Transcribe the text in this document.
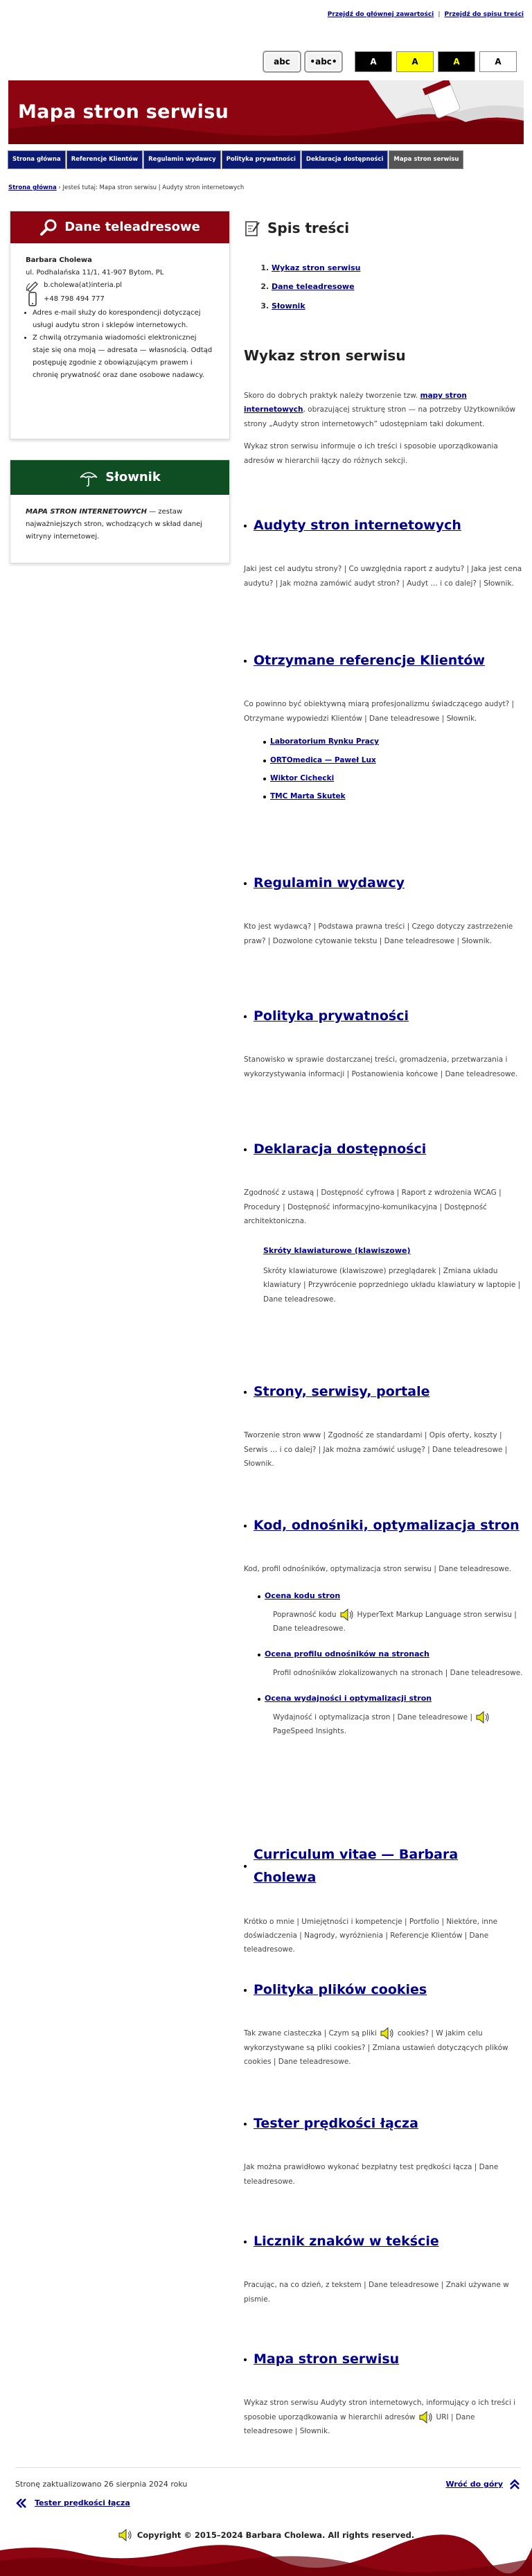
Przejdź do głównej zawartości | Przejdź do spisu treści
abc	• abc •	A	A	A	A
Mapa stron serwisu
Strona główna	Referencje Klientów	Regulamin wydawcy	Polityka prywatności	Deklaracja dostępności	Mapa stron serwisu
Strona główna › Jesteś tutaj: Mapa stron serwisu | Audyty stron internetowych
Dane teleadresowe
Barbara Cholewa
ul. Podhalańska 11/1, 41-907 Bytom, PL
b.cholewa(at)interia.pl
+48 798 494 777
• Adres e-mail służy do korespondencji dotyczącej usługi audytu stron i sklepów internetowych.
• Z chwilą otrzymania wiadomości elektronicznej staje się ona moją — adresata — własnością. Odtąd postępuję zgodnie z obowiązującym prawem i chronię prywatność oraz dane osobowe nadawcy.
Słownik
MAPA STRON INTERNETOWYCH — zestaw najważniejszych stron, wchodzących w skład danej witryny internetowej.
Spis treści
1. Wykaz stron serwisu
2. Dane teleadresowe
3. Słownik
Wykaz stron serwisu

Skoro do dobrych praktyk należy tworzenie tzw. mapy stron internetowych, obrazującej strukturę stron — na potrzeby Użytkowników strony „Audyty stron internetowych” udostępniam taki dokument.

Wykaz stron serwisu informuje o ich treści i sposobie uporządkowania adresów w hierarchii łączy do różnych sekcji.

Audyty stron internetowych

Jaki jest cel audytu strony? | Co uwzględnia raport z audytu? | Jaka jest cena audytu? | Jak można zamówić audyt stron? | Audyt … i co dalej? | Słownik.

Otrzymane referencje Klientów

Co powinno być obiektywną miarą profesjonalizmu świadczącego audyt? | Otrzymane wypowiedzi Klientów | Dane teleadresowe | Słownik.

Laboratorium Rynku Pracy
ORTOmedica — Paweł Lux
Wiktor Cichecki
TMC Marta Skutek
Regulamin wydawcy

Kto jest wydawcą? | Podstawa prawna treści | Czego dotyczy zastrzeżenie praw? | Dozwolone cytowanie tekstu | Dane teleadresowe | Słownik.

Polityka prywatności

Stanowisko w sprawie dostarczanej treści, gromadzenia, przetwarzania i wykorzystywania informacji | Postanowienia końcowe | Dane teleadresowe.

Deklaracja dostępności

Zgodność z ustawą | Dostępność cyfrowa | Raport z wdrożenia WCAG | Procedury | Dostępność informacyjno-komunikacyjna | Dostępność architektoniczna.

Skróty klawiaturowe (klawiszowe)

Skróty klawiaturowe (klawiszowe) przeglądarek | Zmiana układu klawiatury | Przywrócenie poprzedniego układu klawiatury w laptopie | Dane teleadresowe.

Strony, serwisy, portale

Tworzenie stron www | Zgodność ze standardami | Opis oferty, koszty | Serwis … i co dalej? | Jak można zamówić usługę? | Dane teleadresowe | Słownik.

Kod, odnośniki, optymalizacja stron

Kod, profil odnośników, optymalizacja stron serwisu | Dane teleadresowe.

Ocena kodu stron

Poprawność kodu	HyperText Markup Language stron serwisu | Dane teleadresowe.

Ocena profilu odnośników na stronach

Profil odnośników zlokalizowanych na stronach | Dane teleadresowe.

Ocena wydajności i optymalizacji stron

Wydajność i optymalizacja stron | Dane teleadresowe |PageSpeed Insights.

Curriculum vitae — Barbara Cholewa

Krótko o mnie | Umiejętności i kompetencje | Portfolio | Niektóre, inne doświadczenia | Nagrody, wyróżnienia | Referencje Klientów | Dane teleadresowe.

Polityka plików cookies

Tak zwane ciasteczka | Czym są pliki	cookies? | W jakim celu wykorzystywane są pliki cookies? | Zmiana ustawień dotyczących plików cookies | Dane teleadresowe.

Tester prędkości łącza

Jak można prawidłowo wykonać bezpłatny test prędkości łącza | Dane teleadresowe.

Licznik znaków w tekście

Pracując, na co dzień, z tekstem | Dane teleadresowe | Znaki używane w pismie.

Mapa stron serwisu

Wykaz stron serwisu Audyty stron internetowych, informujący o ich treści i sposobie uporządkowania w hierarchii adresów	URI | Dane teleadresowe | Słownik.

Stronę zaktualizowano 26 sierpnia 2024 roku	Wróć do góry
Tester prędkości łącza
Copyright © 2015–2024 Barbara Cholewa. All rights reserved.
